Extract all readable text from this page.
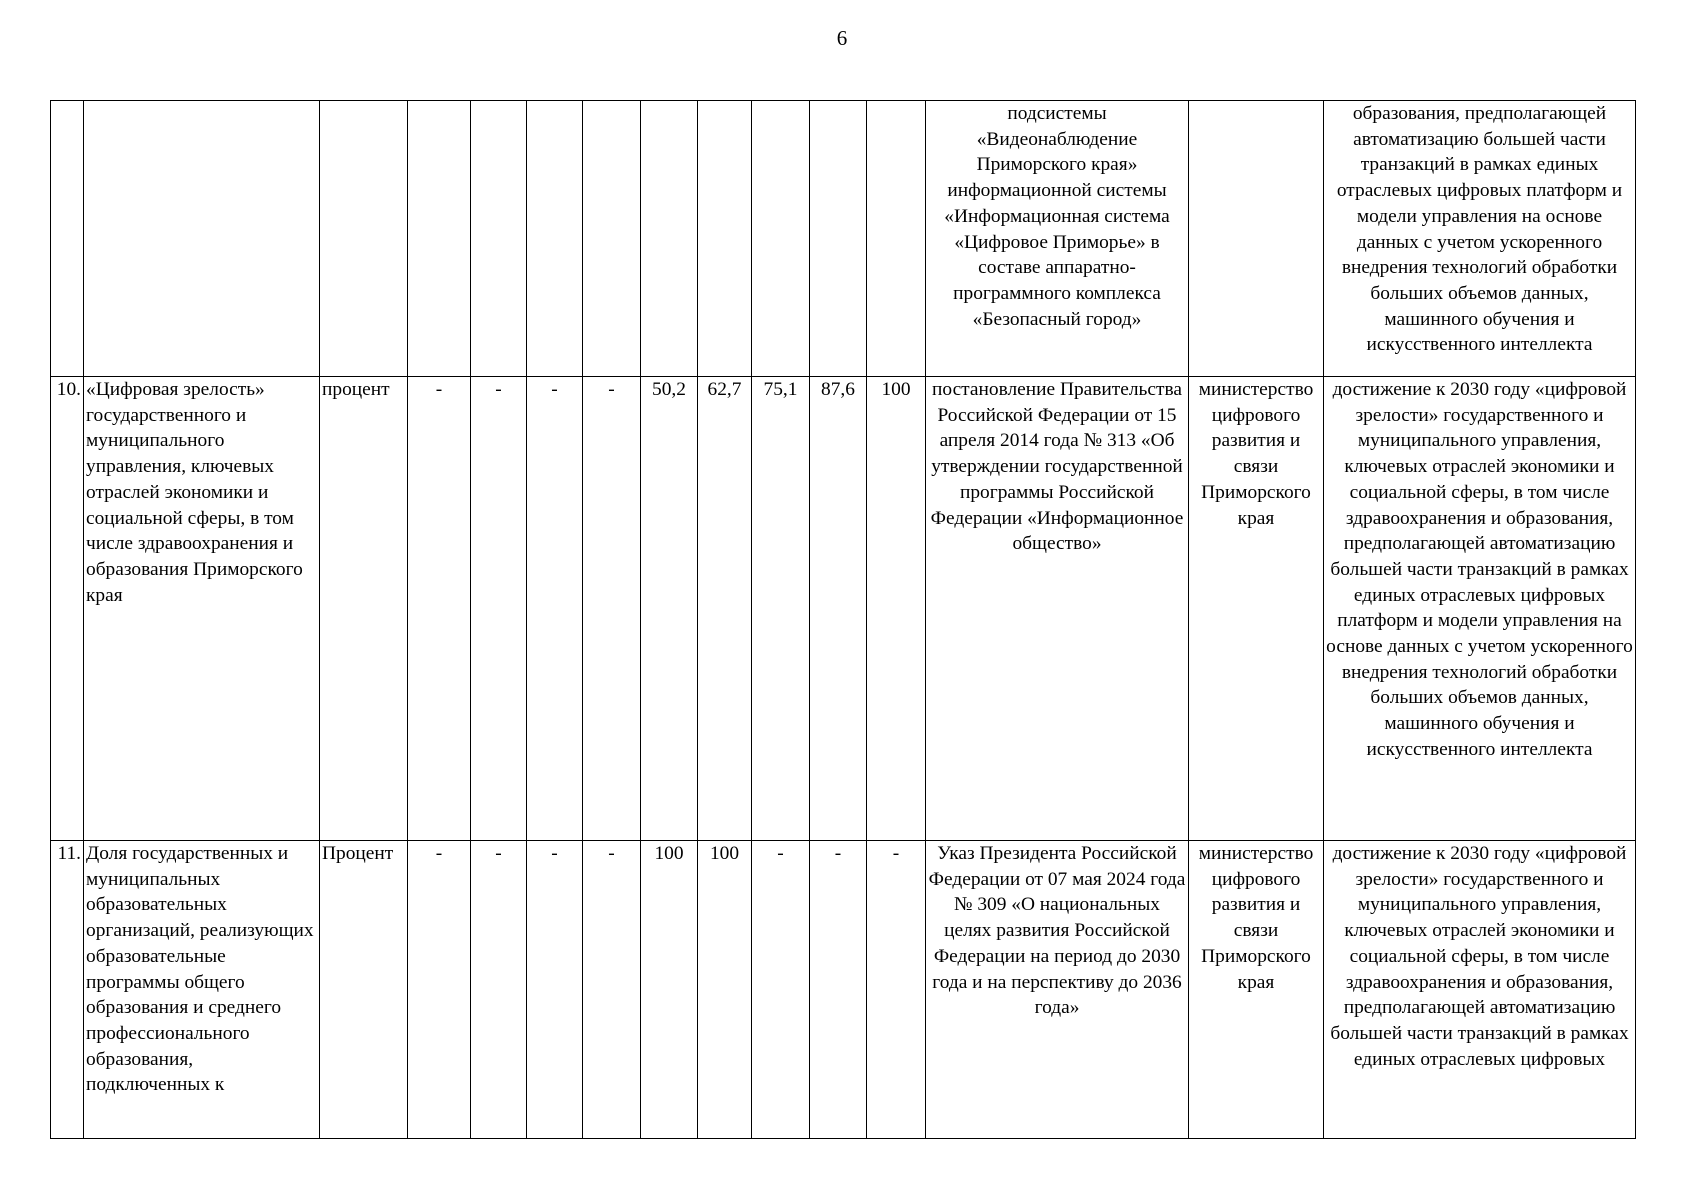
6
												подсистемы «Видеонаблюдение Приморского края» информационной системы «Информационная система «Цифровое Приморье» в составе аппаратно-программного комплекса «Безопасный город»		образования, предполагающей автоматизацию большей части транзакций в рамках единых отраслевых цифровых платформ и модели управления на основе данных с учетом ускоренного внедрения технологий обработки больших объемов данных, машинного обучения и искусственного интеллекта
10.	«Цифровая зрелость» государственного и муниципального управления, ключевых отраслей экономики и социальной сферы, в том числе здравоохранения и образования Приморского края	процент	-	-	-	-	50,2	62,7	75,1	87,6	100	постановление Правительства Российской Федерации от 15 апреля 2014 года № 313 «Об утверждении государственной программы Российской Федерации «Информационное общество»	министерство цифрового развития и связи Приморского края	достижение к 2030 году «цифровой зрелости» государственного и муниципального управления, ключевых отраслей экономики и социальной сферы, в том числе здравоохранения и образования, предполагающей автоматизацию большей части транзакций в рамках единых отраслевых цифровых платформ и модели управления на основе данных с учетом ускоренного внедрения технологий обработки больших объемов данных, машинного обучения и искусственного интеллекта
11.	Доля государственных и муниципальных образовательных организаций, реализующих образовательные программы общего образования и среднего профессионального образования, подключенных к	Процент	-	-	-	-	100	100	-	-	-	Указ Президента Российской Федерации от 07 мая 2024 года № 309 «О национальных целях развития Российской Федерации на период до 2030 года и на перспективу до 2036 года»	министерство цифрового развития и связи Приморского края	достижение к 2030 году «цифровой зрелости» государственного и муниципального управления, ключевых отраслей экономики и социальной сферы, в том числе здравоохранения и образования, предполагающей автоматизацию большей части транзакций в рамках единых отраслевых цифровых
